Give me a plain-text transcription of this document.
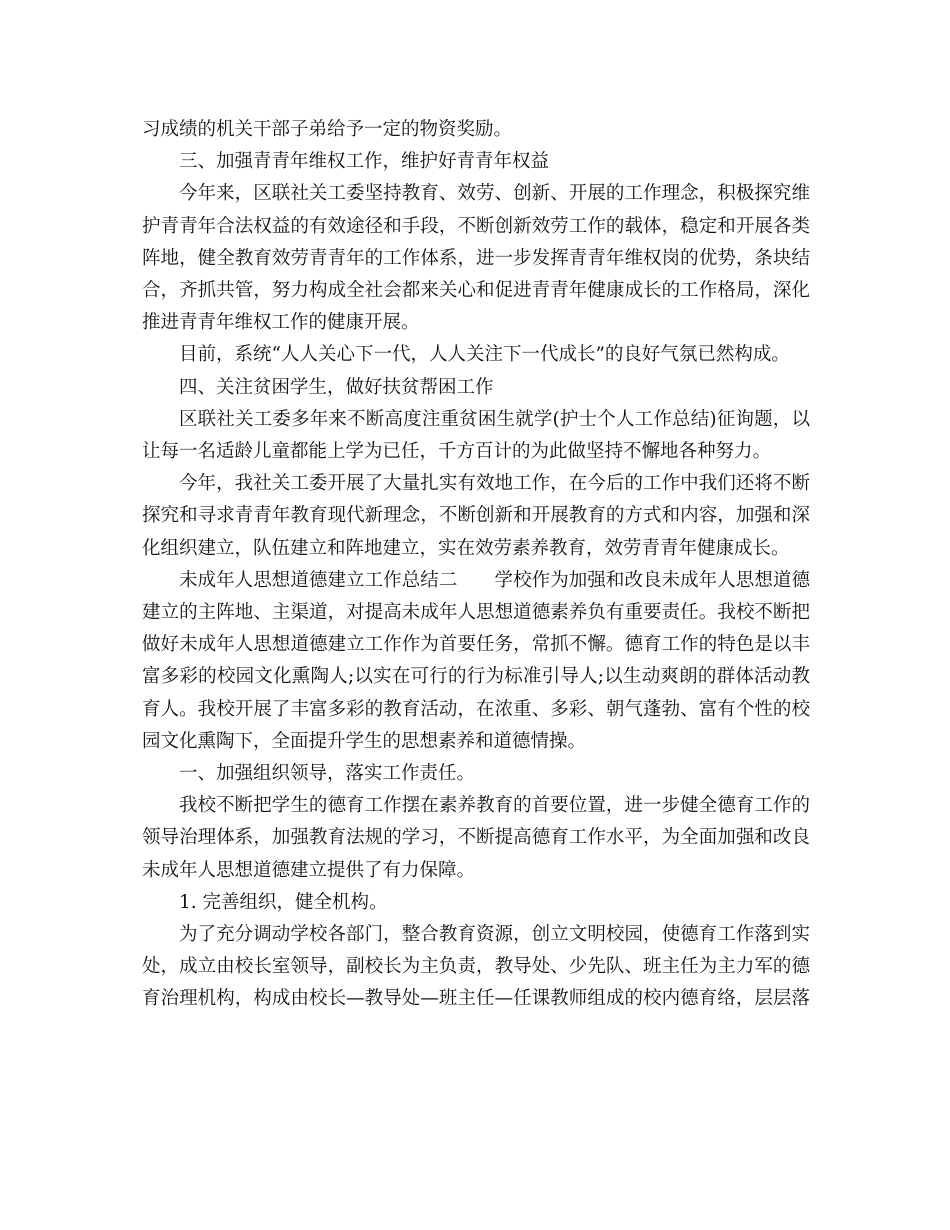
习成绩的机关干部子弟给予一定的物资奖励。

三、加强青青年维权工作，维护好青青年权益

今年来，区联社关工委坚持教育、效劳、创新、开展的工作理念，积极探究维护青青年合法权益的有效途径和手段，不断创新效劳工作的载体，稳定和开展各类阵地，健全教育效劳青青年的工作体系，进一步发挥青青年维权岗的优势，条块结合，齐抓共管，努力构成全社会都来关心和促进青青年健康成长的工作格局，深化推进青青年维权工作的健康开展。

目前，系统“人人关心下一代，人人关注下一代成长”的良好气氛已然构成。

四、关注贫困学生，做好扶贫帮困工作

区联社关工委多年来不断高度注重贫困生就学(护士个人工作总结)征询题，以让每一名适龄儿童都能上学为已任，千方百计的为此做坚持不懈地各种努力。

今年，我社关工委开展了大量扎实有效地工作，在今后的工作中我们还将不断探究和寻求青青年教育现代新理念，不断创新和开展教育的方式和内容，加强和深化组织建立，队伍建立和阵地建立，实在效劳素养教育，效劳青青年健康成长。

未成年人思想道德建立工作总结二　　学校作为加强和改良未成年人思想道德建立的主阵地、主渠道，对提高未成年人思想道德素养负有重要责任。我校不断把做好未成年人思想道德建立工作作为首要任务，常抓不懈。德育工作的特色是以丰富多彩的校园文化熏陶人;以实在可行的行为标准引导人;以生动爽朗的群体活动教育人。我校开展了丰富多彩的教育活动，在浓重、多彩、朝气蓬勃、富有个性的校园文化熏陶下，全面提升学生的思想素养和道德情操。

一、加强组织领导，落实工作责任。

我校不断把学生的德育工作摆在素养教育的首要位置，进一步健全德育工作的领导治理体系，加强教育法规的学习，不断提高德育工作水平，为全面加强和改良未成年人思想道德建立提供了有力保障。

1. 完善组织，健全机构。

为了充分调动学校各部门，整合教育资源，创立文明校园，使德育工作落到实处，成立由校长室领导，副校长为主负责，教导处、少先队、班主任为主力军的德育治理机构，构成由校长—教导处—班主任—任课教师组成的校内德育络，层层落
